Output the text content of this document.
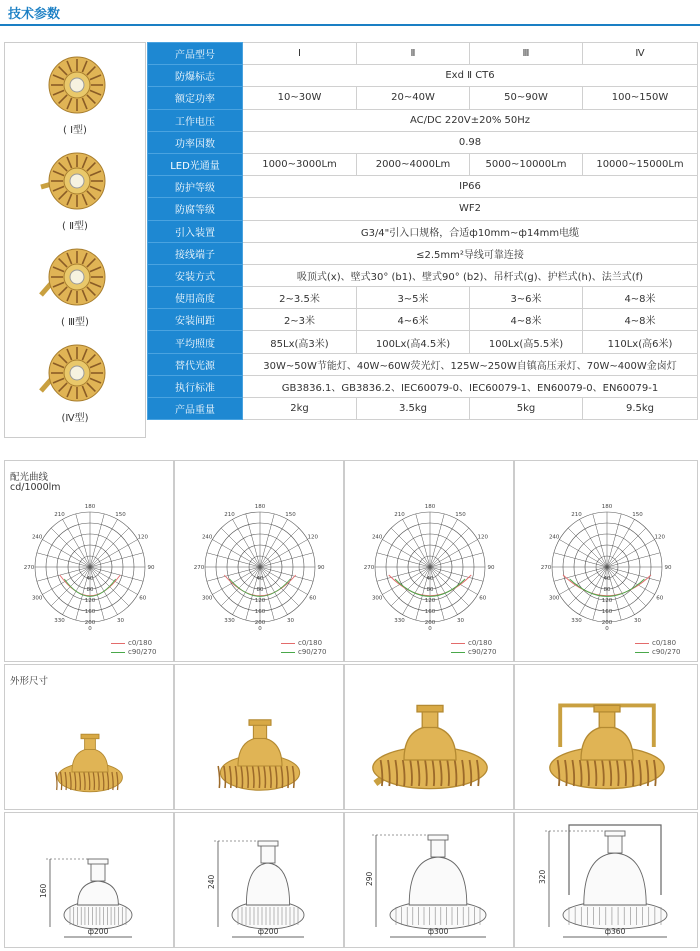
技术参数
( Ⅰ型)
( Ⅱ型)
( Ⅲ型)
(Ⅳ型)
产品型号	Ⅰ	Ⅱ	Ⅲ	Ⅳ
防爆标志	Exd Ⅱ CT6			
额定功率	10~30W	20~40W	50~90W	100~150W
工作电压	AC/DC 220V±20% 50Hz			
功率因数	0.98			
LED光通量	1000~3000Lm	2000~4000Lm	5000~10000Lm	10000~15000Lm
防护等级	IP66			
防腐等级	WF2			
引入装置	G3/4"引入口规格，合适ф10mm~ф14mm电缆			
接线端子	≤2.5mm²导线可靠连接			
安装方式	吸顶式(x)、壁式30° (b1)、壁式90° (b2)、吊杆式(g)、护栏式(h)、法兰式(f)			
使用高度	2~3.5米	3~5米	3~6米	4~8米
安装间距	2~3米	4~6米	4~8米	4~8米
平均照度	85Lx(高3米)	100Lx(高4.5米)	100Lx(高5.5米)	110Lx(高6米)
替代光源	30W~50W节能灯、40W~60W荧光灯、125W~250W自镇高压汞灯、70W~400W金卤灯			
执行标准	GB3836.1、GB3836.2、IEC60079-0、IEC60079-1、EN60079-0、EN60079-1			
产品重量	2kg	3.5kg	5kg	9.5kg
配光曲线
cd/1000lm
180
150
120
90
60
30
0
330
300
270
240
210
40
80
120
160
200
c0/180
c90/270
180
150
120
90
60
30
0
330
300
270
240
210
40
80
120
160
200
c0/180
c90/270
180
150
120
90
60
30
0
330
300
270
240
210
40
80
120
160
200
c0/180
c90/270
180
150
120
90
60
30
0
330
300
270
240
210
40
80
120
160
200
c0/180
c90/270
外形尺寸
160
ф200
240
ф200
290
ф300
320
ф360
